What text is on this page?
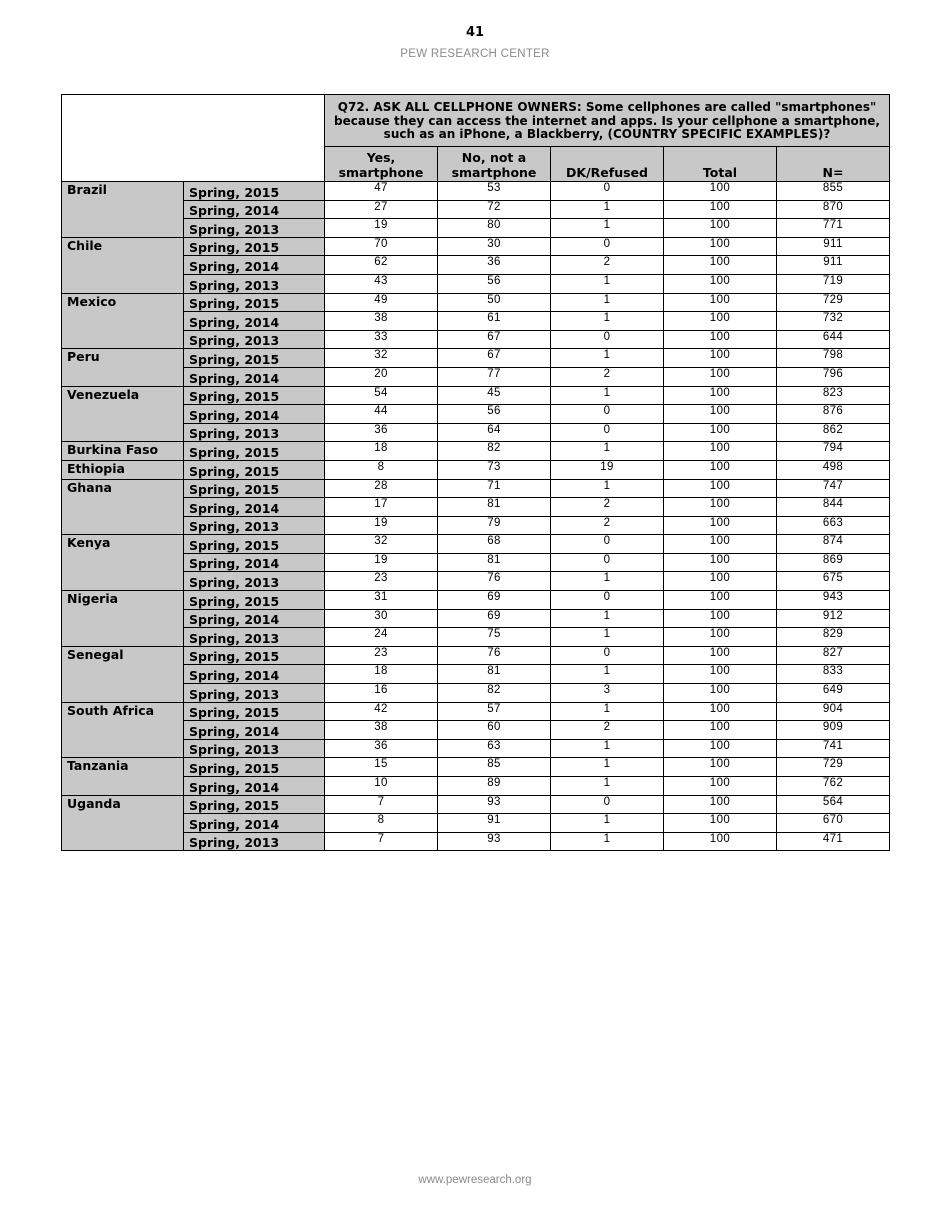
41
PEW RESEARCH CENTER
		Q72. ASK ALL CELLPHONE OWNERS: Some cellphones are called "smartphones" because they can access the internet and apps. Is your cellphone a smartphone, such as an iPhone, a Blackberry, (COUNTRY SPECIFIC EXAMPLES)?				
		Yes, smartphone	No, not a smartphone	DK/Refused	Total	N=
Brazil	Spring, 2015	47	53	0	100	855
	Spring, 2014	27	72	1	100	870
	Spring, 2013	19	80	1	100	771
Chile	Spring, 2015	70	30	0	100	911
	Spring, 2014	62	36	2	100	911
	Spring, 2013	43	56	1	100	719
Mexico	Spring, 2015	49	50	1	100	729
	Spring, 2014	38	61	1	100	732
	Spring, 2013	33	67	0	100	644
Peru	Spring, 2015	32	67	1	100	798
	Spring, 2014	20	77	2	100	796
Venezuela	Spring, 2015	54	45	1	100	823
	Spring, 2014	44	56	0	100	876
	Spring, 2013	36	64	0	100	862
Burkina Faso	Spring, 2015	18	82	1	100	794
Ethiopia	Spring, 2015	8	73	19	100	498
Ghana	Spring, 2015	28	71	1	100	747
	Spring, 2014	17	81	2	100	844
	Spring, 2013	19	79	2	100	663
Kenya	Spring, 2015	32	68	0	100	874
	Spring, 2014	19	81	0	100	869
	Spring, 2013	23	76	1	100	675
Nigeria	Spring, 2015	31	69	0	100	943
	Spring, 2014	30	69	1	100	912
	Spring, 2013	24	75	1	100	829
Senegal	Spring, 2015	23	76	0	100	827
	Spring, 2014	18	81	1	100	833
	Spring, 2013	16	82	3	100	649
South Africa	Spring, 2015	42	57	1	100	904
	Spring, 2014	38	60	2	100	909
	Spring, 2013	36	63	1	100	741
Tanzania	Spring, 2015	15	85	1	100	729
	Spring, 2014	10	89	1	100	762
Uganda	Spring, 2015	7	93	0	100	564
	Spring, 2014	8	91	1	100	670
	Spring, 2013	7	93	1	100	471
www.pewresearch.org
